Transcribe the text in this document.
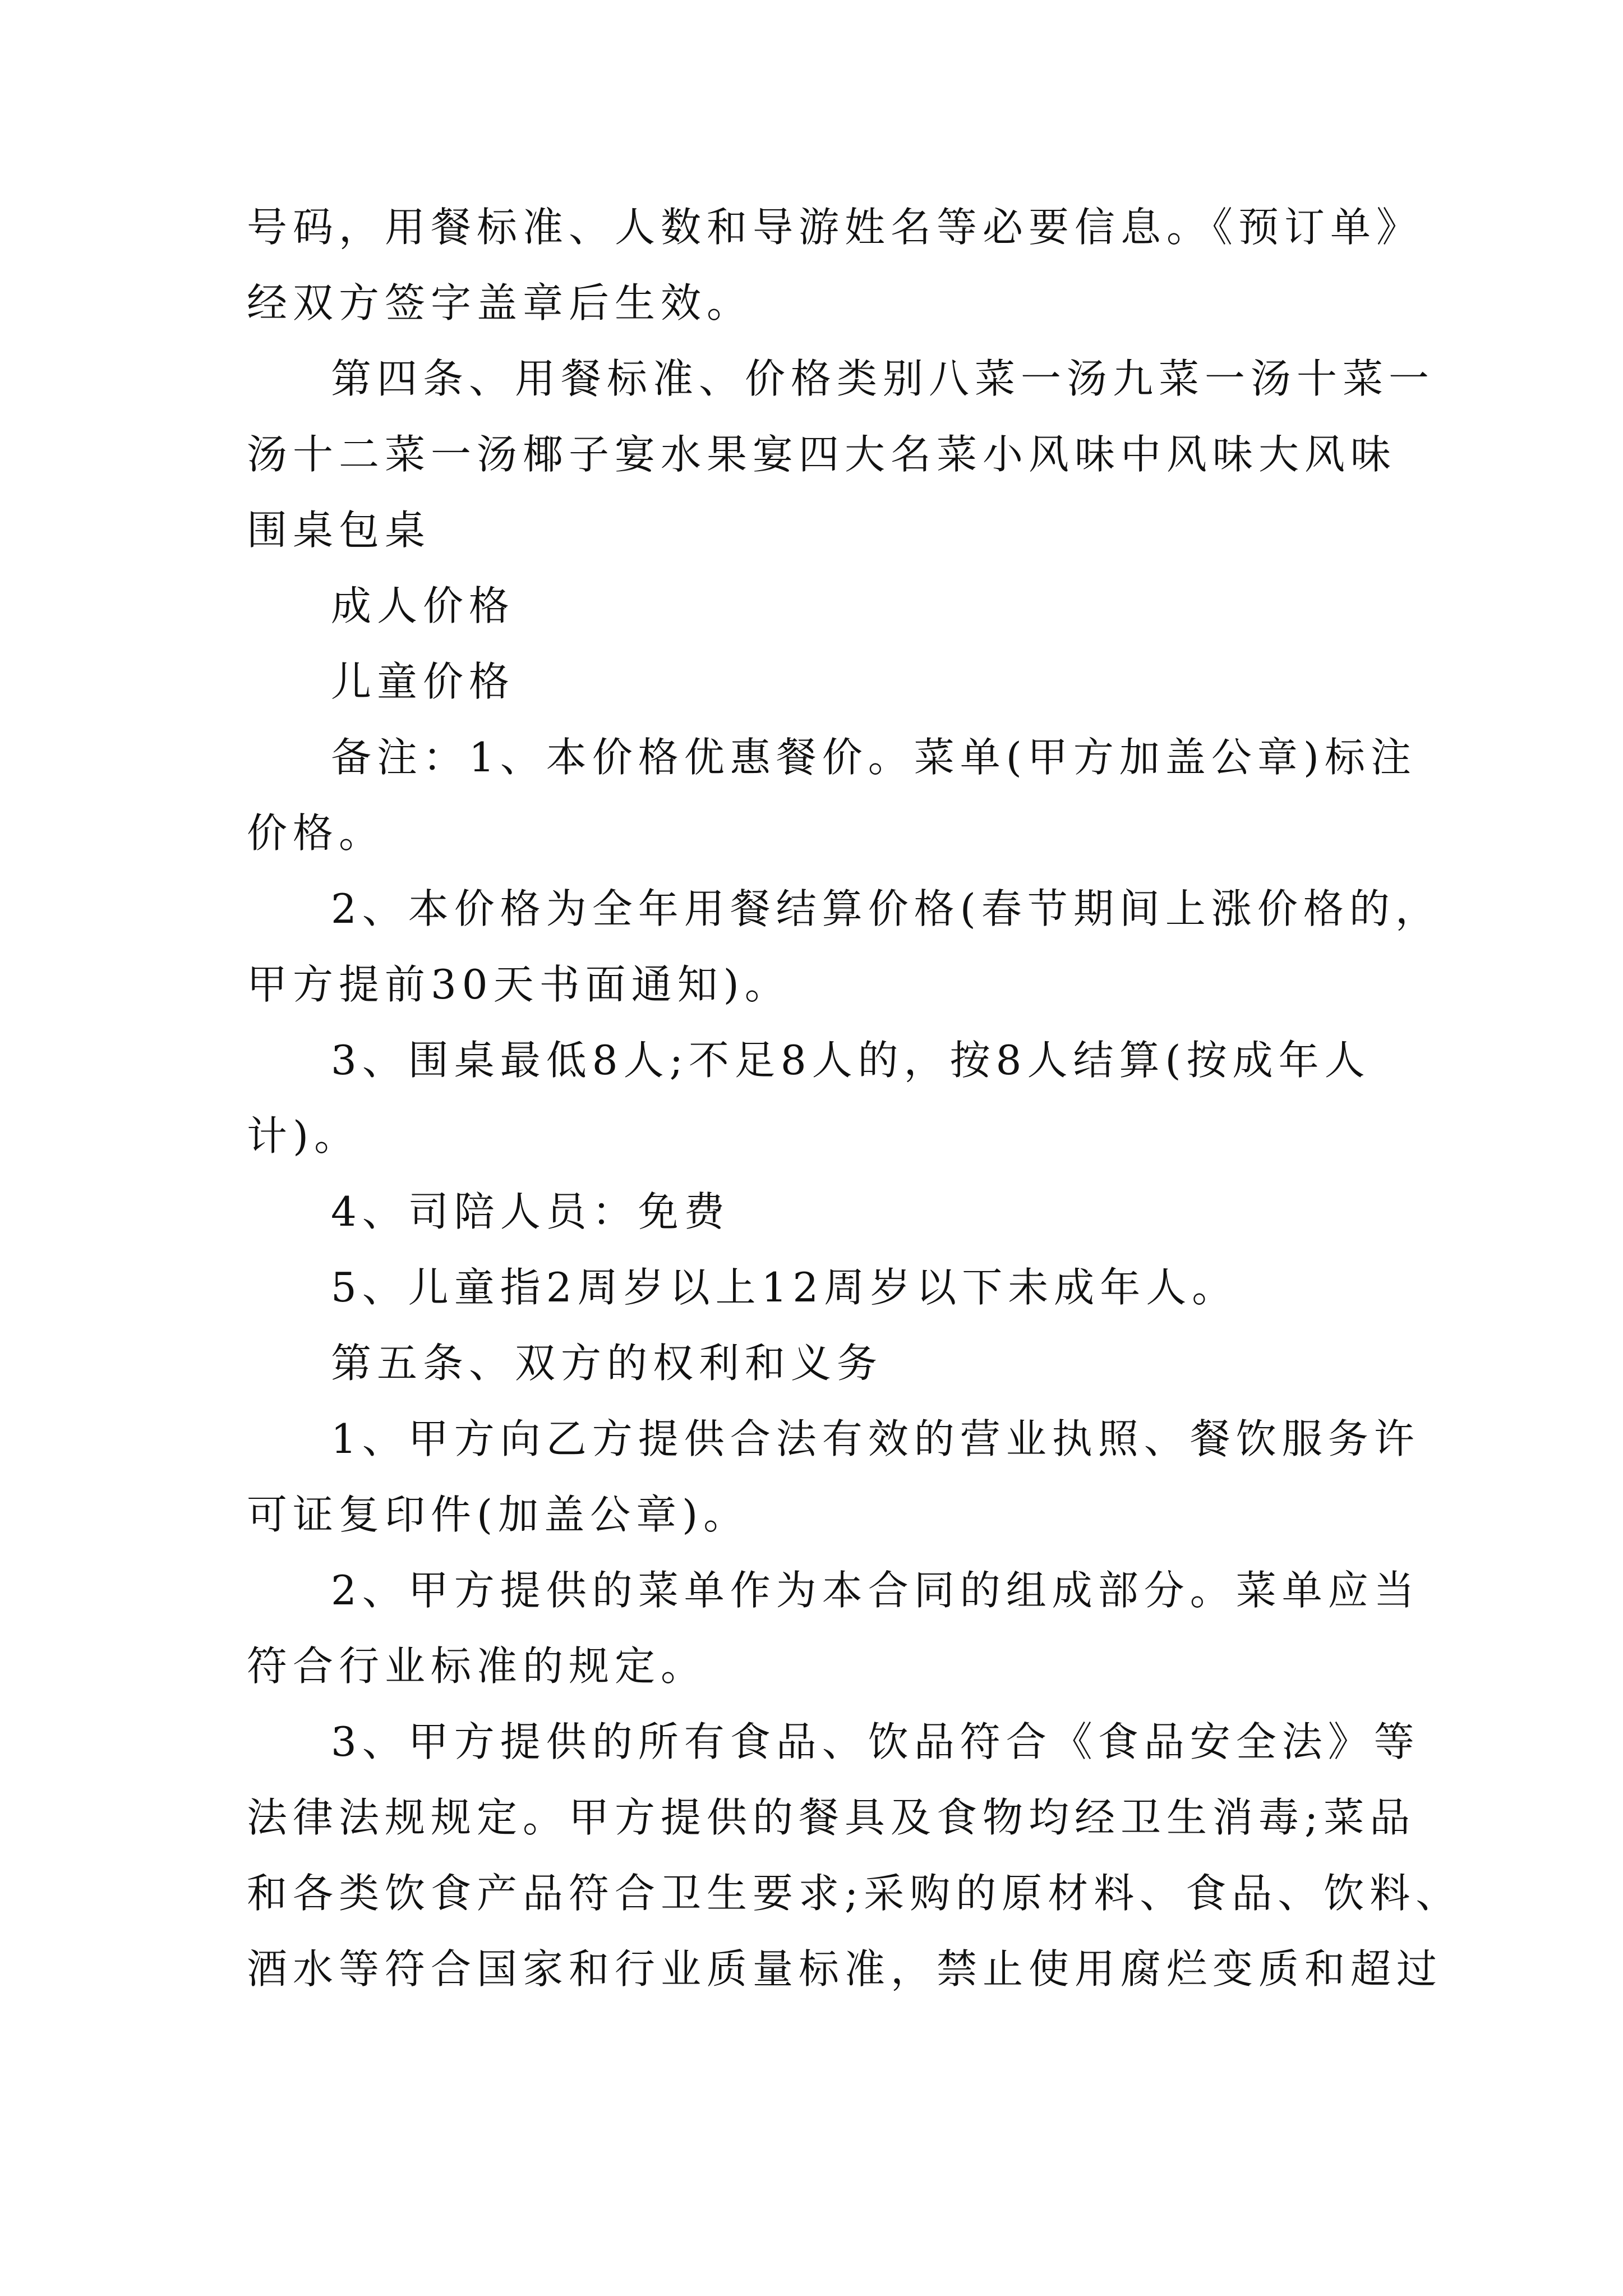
号码，用餐标准、人数和导游姓名等必要信息。《预订单》
经双方签字盖章后生效。
第四条、用餐标准、价格类别八菜一汤九菜一汤十菜一
汤十二菜一汤椰子宴水果宴四大名菜小风味中风味大风味
围桌包桌
成人价格
儿童价格
备注：1、本价格优惠餐价。菜单(甲方加盖公章)标注
价格。
2、本价格为全年用餐结算价格(春节期间上涨价格的，
甲方提前30天书面通知)。
3、围桌最低8人;不足8人的，按8人结算(按成年人
计)。
4、司陪人员：免费
5、儿童指2周岁以上12周岁以下未成年人。
第五条、双方的权利和义务
1、甲方向乙方提供合法有效的营业执照、餐饮服务许
可证复印件(加盖公章)。
2、甲方提供的菜单作为本合同的组成部分。菜单应当
符合行业标准的规定。
3、甲方提供的所有食品、饮品符合《食品安全法》等
法律法规规定。甲方提供的餐具及食物均经卫生消毒;菜品
和各类饮食产品符合卫生要求;采购的原材料、食品、饮料、
酒水等符合国家和行业质量标准，禁止使用腐烂变质和超过
